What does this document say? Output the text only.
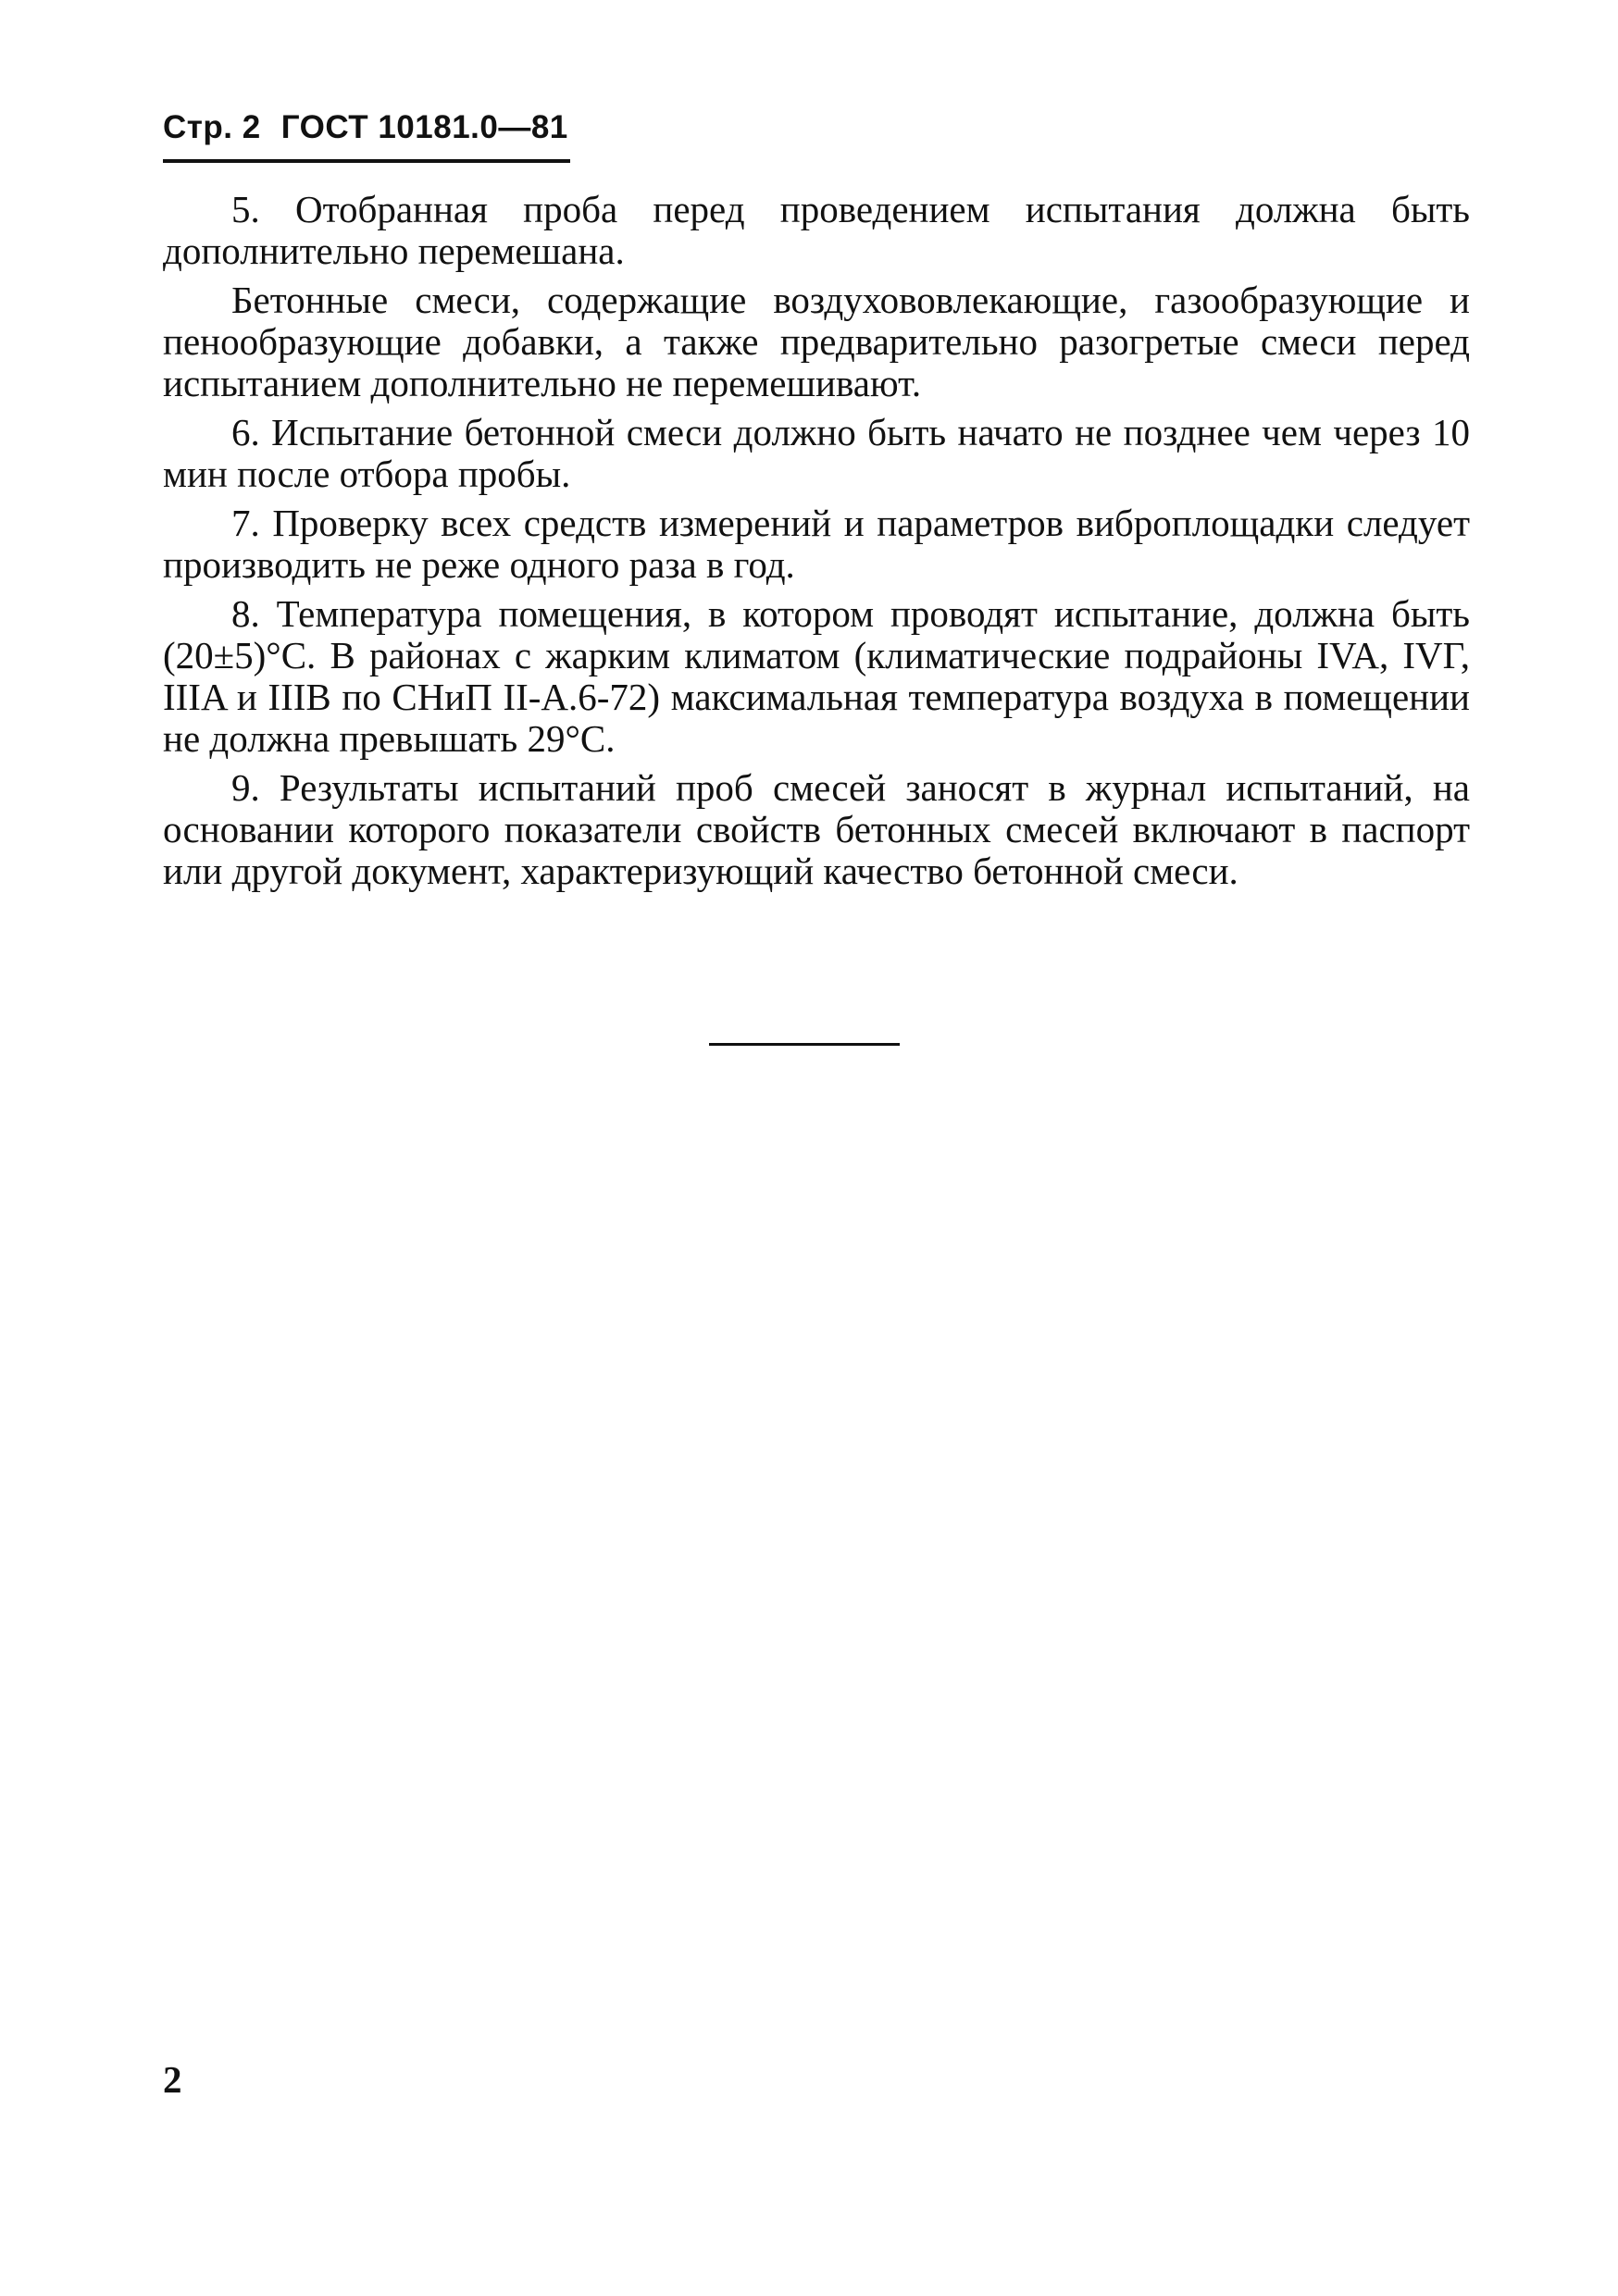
Стр. 2 ГОСТ 10181.0—81

5. Отобранная проба перед проведением испытания должна быть дополнительно перемешана.

Бетонные смеси, содержащие воздухововлекающие, газообразующие и пенообразующие добавки, а также предварительно разогретые смеси перед испытанием дополнительно не перемешивают.

6. Испытание бетонной смеси должно быть начато не позднее чем через 10 мин после отбора пробы.

7. Проверку всех средств измерений и параметров виброплощадки следует производить не реже одного раза в год.

8. Температура помещения, в котором проводят испытание, должна быть (20±5)°С. В районах с жарким климатом (климатические подрайоны IVA, IVГ, IIIA и IIIB по СНиП II-A.6-72) максимальная температура воздуха в помещении не должна превышать 29°С.

9. Результаты испытаний проб смесей заносят в журнал испытаний, на основании которого показатели свойств бетонных смесей включают в паспорт или другой документ, характеризующий качество бетонной смеси.

2
